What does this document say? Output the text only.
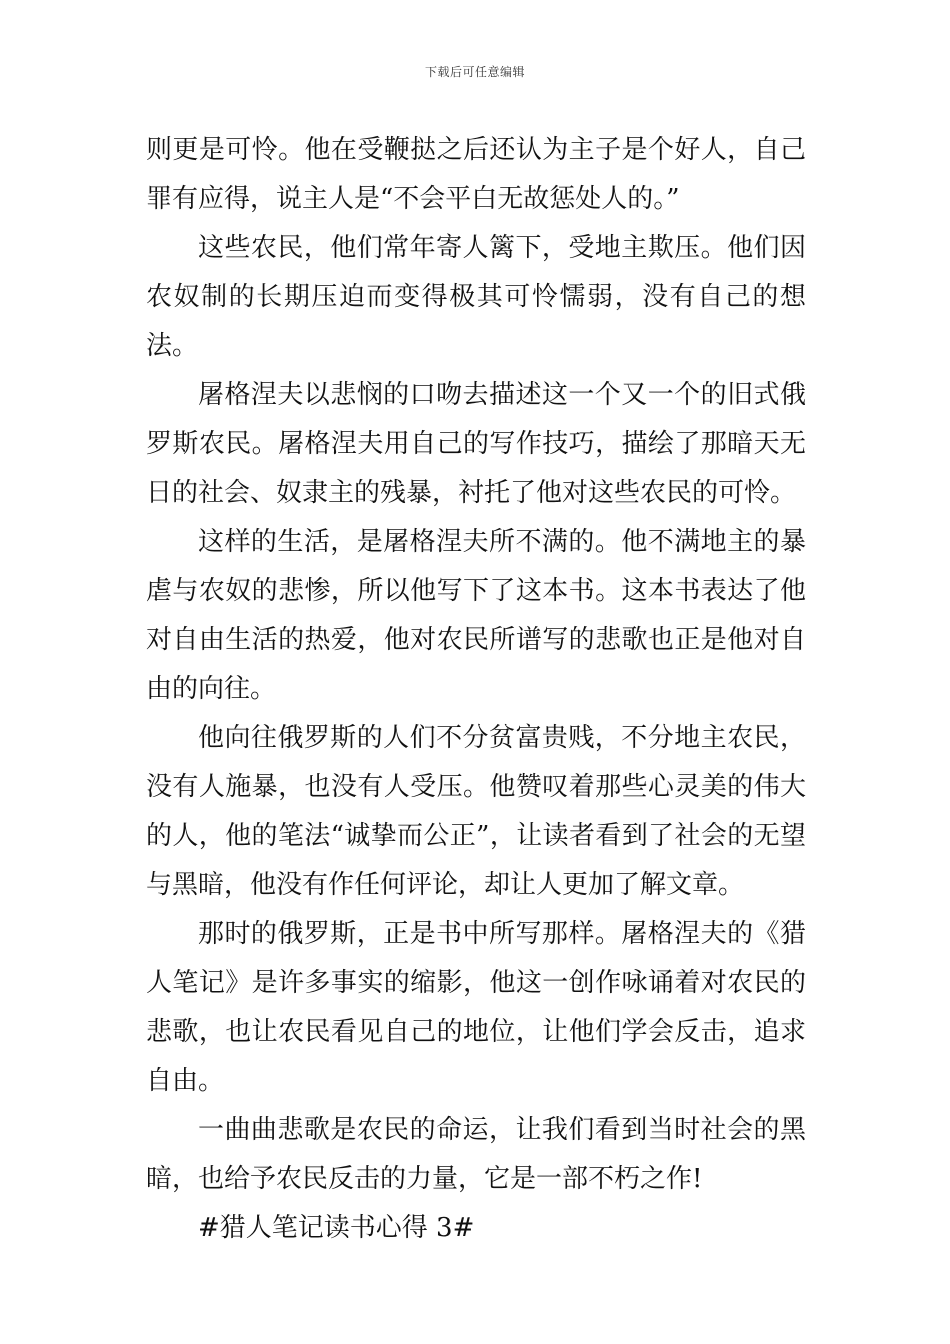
下载后可任意编辑

则更是可怜。他在受鞭挞之后还认为主子是个好人，自己罪有应得，说主人是“不会平白无故惩处人的。”

这些农民，他们常年寄人篱下，受地主欺压。他们因农奴制的长期压迫而变得极其可怜懦弱，没有自己的想法。

屠格涅夫以悲悯的口吻去描述这一个又一个的旧式俄罗斯农民。屠格涅夫用自己的写作技巧，描绘了那暗天无日的社会、奴隶主的残暴，衬托了他对这些农民的可怜。

这样的生活，是屠格涅夫所不满的。他不满地主的暴虐与农奴的悲惨，所以他写下了这本书。这本书表达了他对自由生活的热爱，他对农民所谱写的悲歌也正是他对自由的向往。

他向往俄罗斯的人们不分贫富贵贱，不分地主农民，没有人施暴，也没有人受压。他赞叹着那些心灵美的伟大的人，他的笔法“诚挚而公正”，让读者看到了社会的无望与黑暗，他没有作任何评论，却让人更加了解文章。

那时的俄罗斯，正是书中所写那样。屠格涅夫的《猎人笔记》是许多事实的缩影，他这一创作咏诵着对农民的悲歌，也让农民看见自己的地位，让他们学会反击，追求自由。

一曲曲悲歌是农民的命运，让我们看到当时社会的黑暗，也给予农民反击的力量，它是一部不朽之作!

#猎人笔记读书心得 3#
